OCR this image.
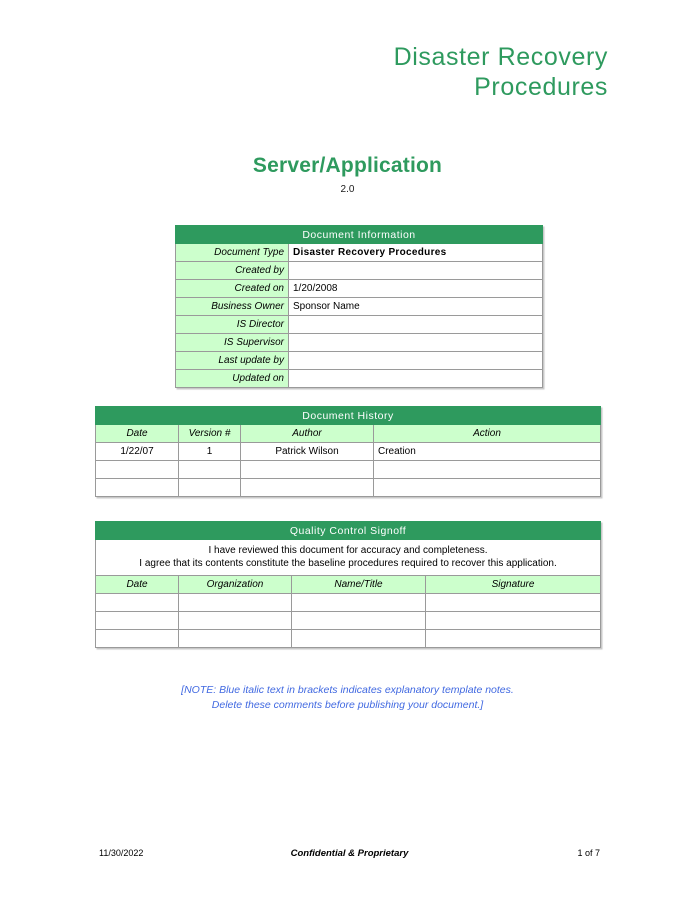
Disaster Recovery
Procedures
Server/Application
2.0
Document Information	
Document Type	Disaster Recovery Procedures
Created by	
Created on	1/20/2008
Business Owner	Sponsor Name
IS Director	
IS Supervisor	
Last update by	
Updated on	
Document History			
Date	Version #	Author	Action
1/22/07	1	Patrick Wilson	Creation

Quality Control Signoff			

I have reviewed this document for accuracy and completeness.
I agree that its contents constitute the baseline procedures required to recover this application.			

Date	Organization	Name/Title	Signature

[NOTE: Blue italic text in brackets indicates explanatory template notes.
Delete these comments before publishing your document.]
11/30/2022	Confidential & Proprietary	1 of 7
